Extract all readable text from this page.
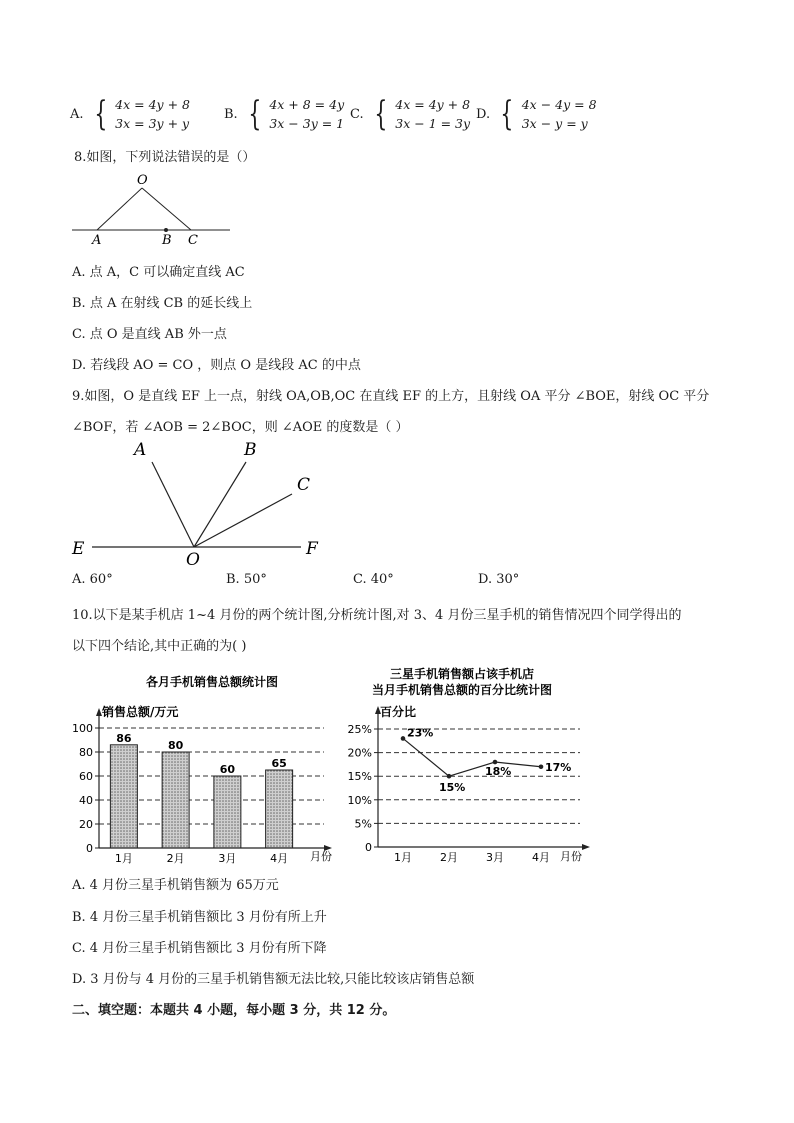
A. { 4x = 4y + 8
3x = 3y + y
B. { 4x + 8 = 4y
3x − 3y = 1
C. { 4x = 4y + 8
3x − 1 = 3y
D. { 4x − 4y = 8
3x − y = y
8.如图，下列说法错误的是（）
O
A	B C
A. 点 A，C 可以确定直线 AC
B. 点 A 在射线 CB 的延长线上
C. 点 O 是直线 AB 外一点
D. 若线段 AO = CO ，则点 O 是线段 AC 的中点
9.如图，O 是直线 EF 上一点，射线 OA,OB,OC 在直线 EF 的上方，且射线 OA 平分 ∠BOE，射线 OC 平分
∠BOF，若 ∠AOB = 2∠BOC，则 ∠AOE 的度数是（ ）
A	B
C
E
O
F
A. 60°	B. 50°	C. 40°	D. 30°
10.以下是某手机店 1~4 月份的两个统计图,分析统计图,对 3、4 月份三星手机的销售情况四个同学得出的
以下四个结论,其中正确的为( )
各月手机销售总额统计图
销售总额/万元
月份
86
80
60	65
0
20
40
60
80
100
1月	2月	3月	4月
三星手机销售额占该手机店
当月手机销售总额的百分比统计图
百分比
月份
23%
15%
18%	17%
0
5%
10%
15%
20%
25%
1月	2月	3月	4月
A. 4 月份三星手机销售额为 65万元
B. 4 月份三星手机销售额比 3 月份有所上升
C. 4 月份三星手机销售额比 3 月份有所下降
D. 3 月份与 4 月份的三星手机销售额无法比较,只能比较该店销售总额
二、填空题：本题共 4 小题，每小题 3 分，共 12 分。
